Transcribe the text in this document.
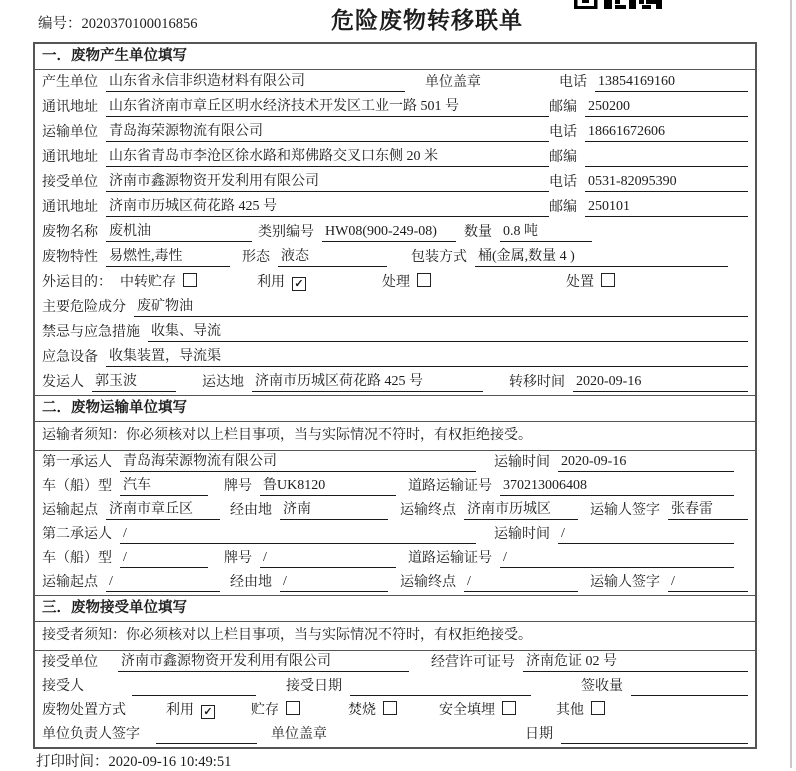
编号：2020370100016856	危险废物转移联单
一．废物产生单位填写
产生单位 山东省永信非织造材料有限公司	单位盖章	电话 13854169160
通讯地址 山东省济南市章丘区明水经济技术开发区工业一路 501 号	邮编 250200
运输单位 青岛海荣源物流有限公司	电话 18661672606
通讯地址 山东省青岛市李沧区徐水路和郑佛路交叉口东侧 20 米	邮编
接受单位 济南市鑫源物资开发利用有限公司	电话 0531-82095390
通讯地址 济南市历城区荷花路 425 号	邮编 250101
废物名称 废机油	类别编号 HW08(900-249-08)	数量 0.8 吨
废物特性 易燃性,毒性	形态 液态	包装方式 桶(金属,数量 4 )
外运目的： 中转贮存	利用 ✓	处理	处置
主要危险成分 废矿物油
禁忌与应急措施 收集、导流
应急设备 收集装置，导流渠
发运人 郭玉波	运达地 济南市历城区荷花路 425 号	转移时间 2020-09-16
二．废物运输单位填写
运输者须知： 你必须核对以上栏目事项，当与实际情况不符时，有权拒绝接受。
第一承运人 青岛海荣源物流有限公司	运输时间 2020-09-16
车（船）型 汽车	牌号 鲁UK8120	道路运输证号 370213006408
运输起点 济南市章丘区	经由地 济南	运输终点 济南市历城区	运输人签字 张春雷
第二承运人 /	运输时间 /
车（船）型 /	牌号 /	道路运输证号 /
运输起点 /	经由地 /	运输终点 /	运输人签字 /
三．废物接受单位填写
接受者须知： 你必须核对以上栏目事项，当与实际情况不符时，有权拒绝接受。
接受单位	济南市鑫源物资开发利用有限公司	经营许可证号 济南危证 02 号
接受人	接受日期	签收量
废物处置方式	利用 ✓	贮存	焚烧	安全填埋	其他
单位负责人签字	单位盖章	日期
打印时间：2020-09-16 10:49:51
